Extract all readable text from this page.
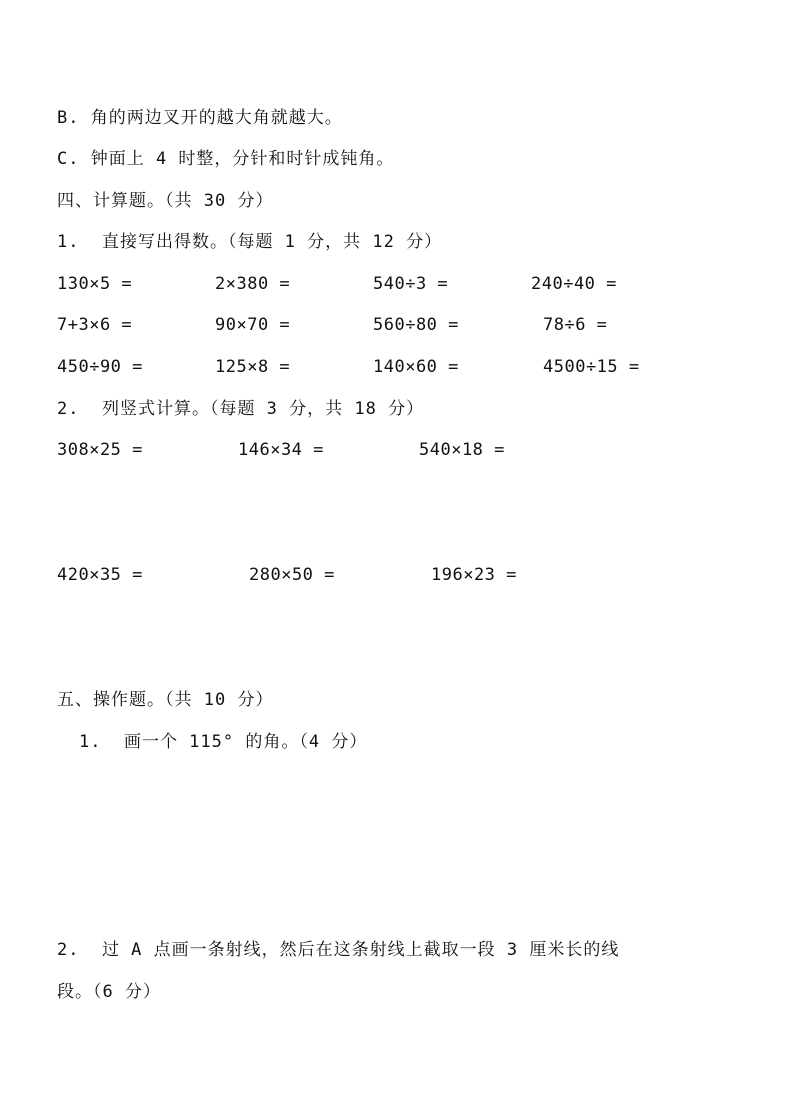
B. 角的两边叉开的越大角就越大。
C. 钟面上 4 时整，分针和时针成钝角。
四、计算题。（共 30 分）
1.  直接写出得数。（每题 1 分，共 12 分）
130×5 =	2×380 =	540÷3 =	240÷40 =
7+3×6 =	90×70 =	560÷80 =	78÷6 =
450÷90 =	125×8 =	140×60 =	4500÷15 =
2.  列竖式计算。（每题 3 分，共 18 分）
308×25 =	146×34 =	540×18 =
420×35 =	280×50 =	196×23 =
五、操作题。（共 10 分）
1.  画一个 115° 的角。（4 分）
2.  过 A 点画一条射线，然后在这条射线上截取一段 3 厘米长的线
段。（6 分）
